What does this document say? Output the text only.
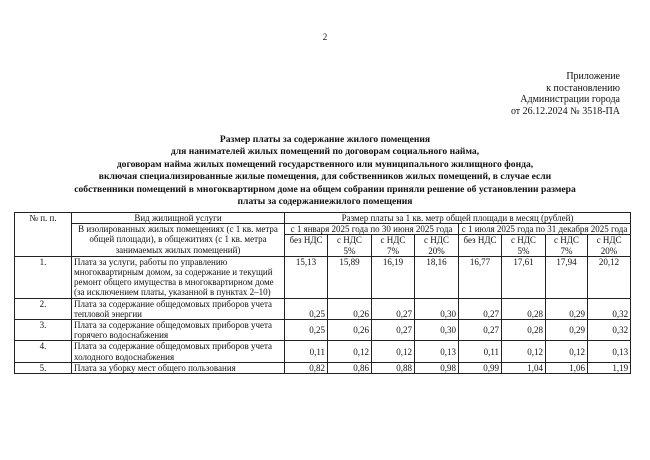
2
Приложение
к постановлению
Администрации города
от 26.12.2024 № 3518-ПА
Размер платы за содержание жилого помещения
для нанимателей жилых помещений по договорам социального найма,
договорам найма жилых помещений государственного или муниципального жилищного фонда,
включая специализированные жилые помещения, для собственников жилых помещений, в случае если
собственники помещений в многоквартирном доме на общем собрании приняли решение об установлении размера
платы за содержаниежилого помещения
№ п. п.	Вид жилищной услуги	Размер платы за 1 кв. метр общей площади в месяц (рублей)							
	В изолированных жилых помещениях (с 1 кв. метра общей площади), в общежитиях (с 1 кв. метра занимаемых жилых помещений)	с 1 января 2025 года по 30 июня 2025 года				с 1 июля 2025 года по 31 декабря 2025 года			
		без НДС	с НДС 5%	с НДС 7%	с НДС 20%	без НДС	с НДС 5%	с НДС 7%	с НДС 20%
1.	Плата за услуги, работы по управлению многоквартирным домом, за содержание и текущий ремонт общего имущества в многоквартирном доме (за исключением платы, указанной в пунктах 2–10)	15,13	15,89	16,19	18,16	16,77	17,61	17,94	20,12
2.	Плата за содержание общедомовых приборов учета тепловой энергии	0,25	0,26	0,27	0,30	0,27	0,28	0,29	0,32
3.	Плата за содержание общедомовых приборов учета горячего водоснабжения	0,25	0,26	0,27	0,30	0,27	0,28	0,29	0,32
4.	Плата за содержание общедомовых приборов учета холодного водоснабжения	0,11	0,12	0,12	0,13	0,11	0,12	0,12	0,13
5.	Плата за уборку мест общего пользования	0,82	0,86	0,88	0,98	0,99	1,04	1,06	1,19
